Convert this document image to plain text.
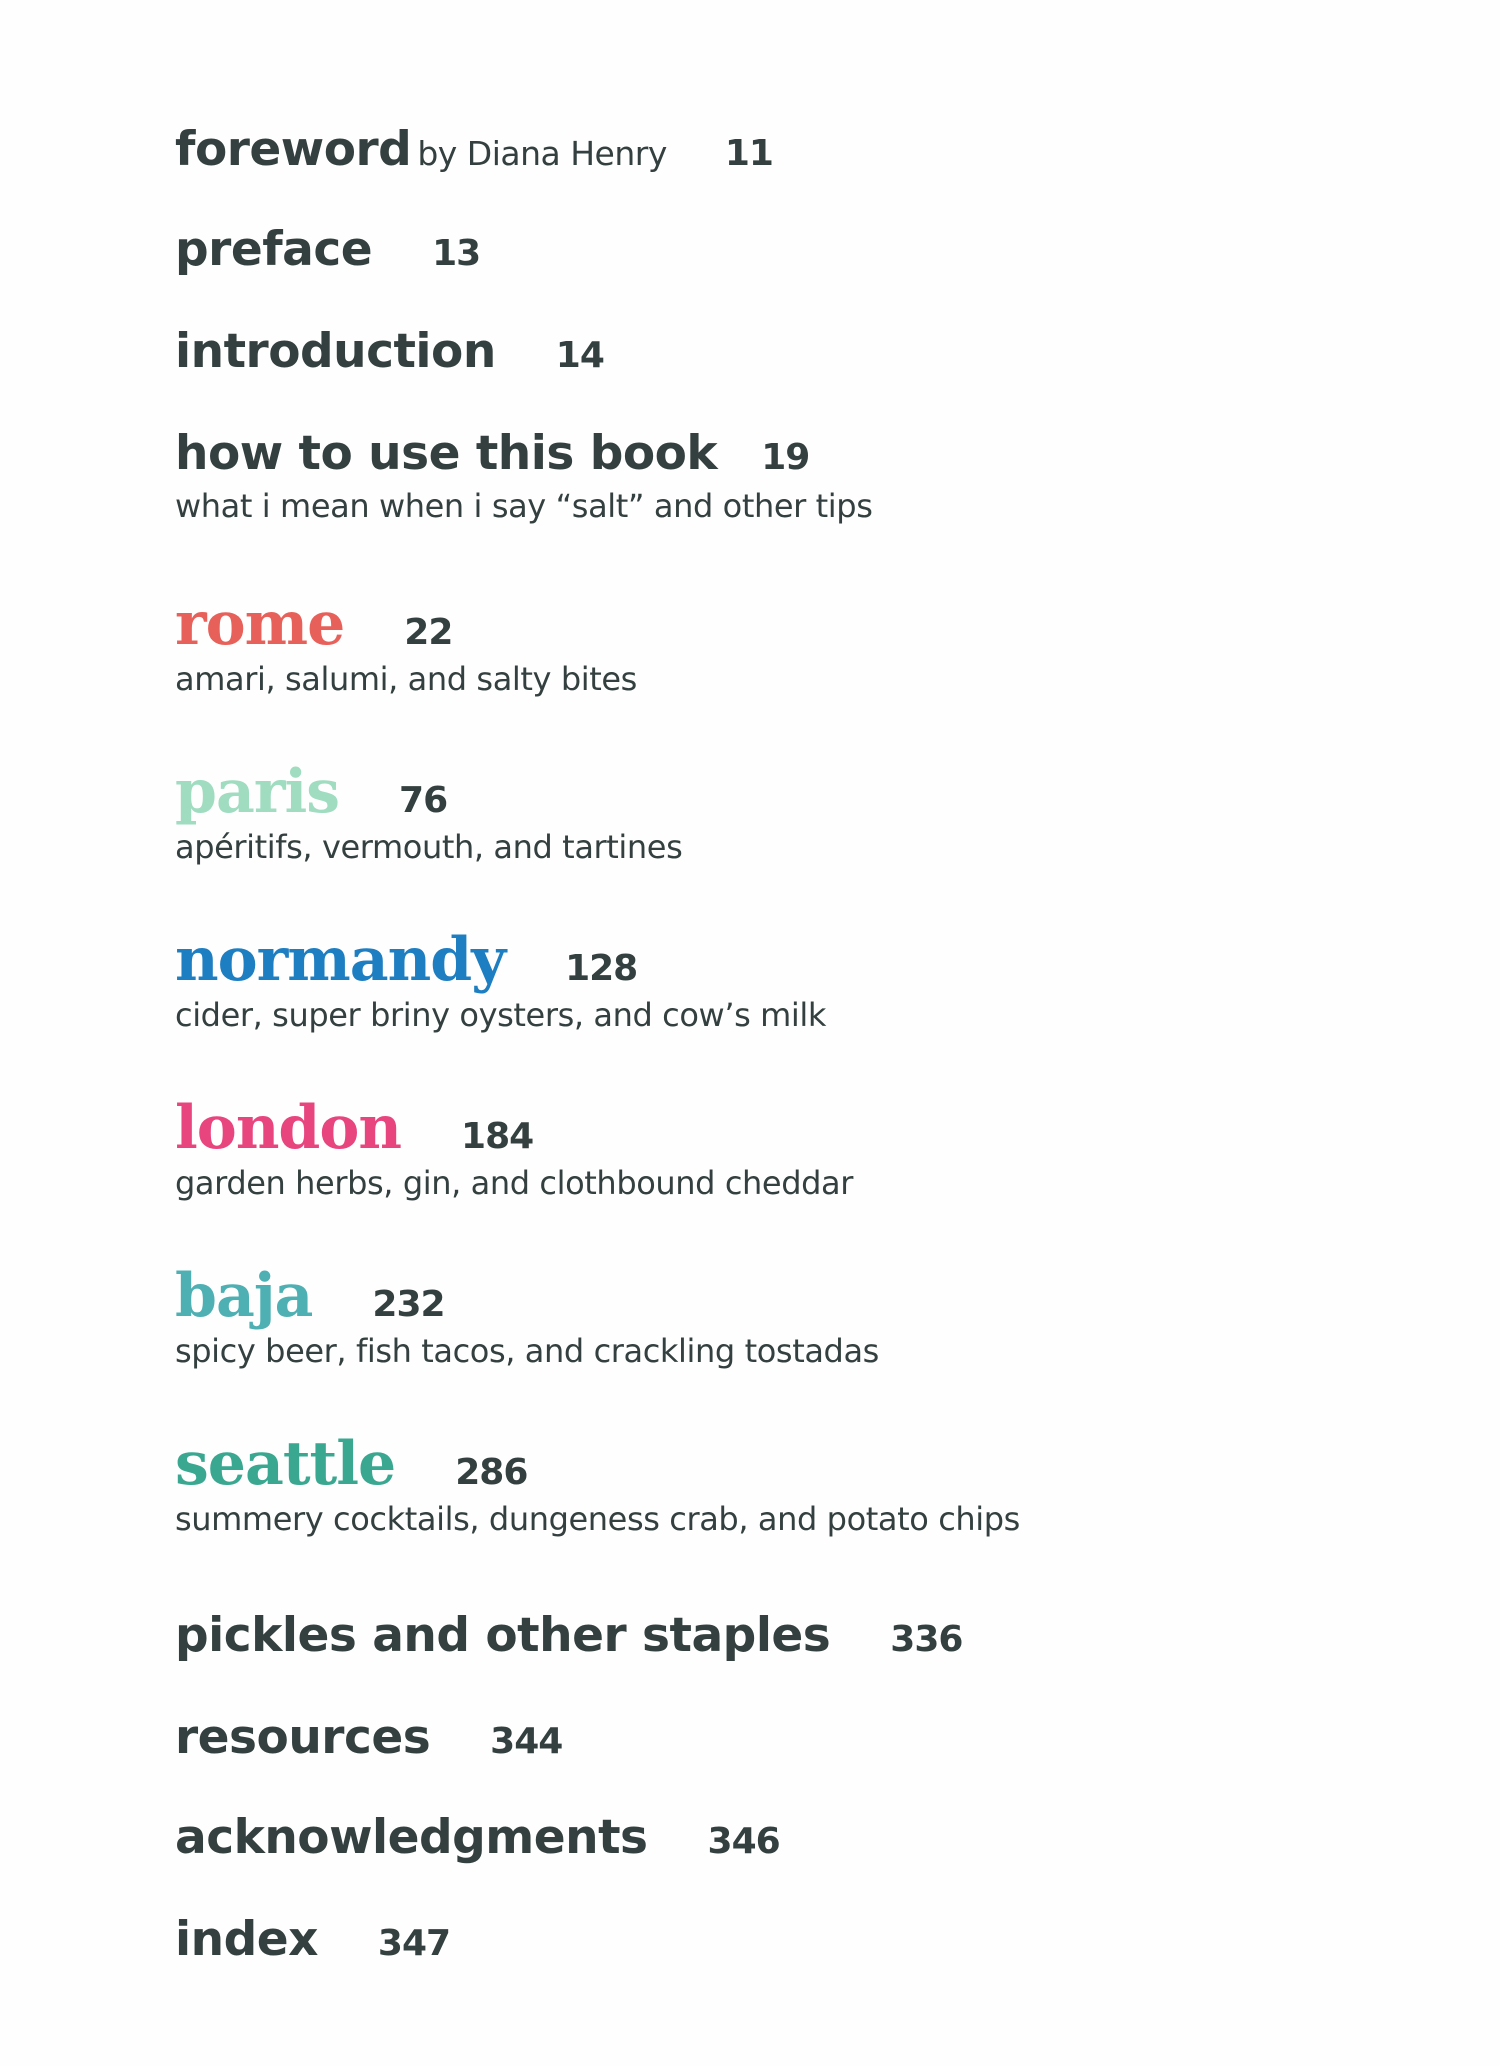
foreword by Diana Henry 11
preface 13
introduction 14
how to use this book 19
what i mean when i say “salt” and other tips
rome 22
amari, salumi, and salty bites
paris 76
apéritifs, vermouth, and tartines
normandy 128
cider, super briny oysters, and cow’s milk
london 184
garden herbs, gin, and clothbound cheddar
baja 232
spicy beer, fish tacos, and crackling tostadas
seattle 286
summery cocktails, dungeness crab, and potato chips
pickles and other staples 336
resources 344
acknowledgments 346
index 347
